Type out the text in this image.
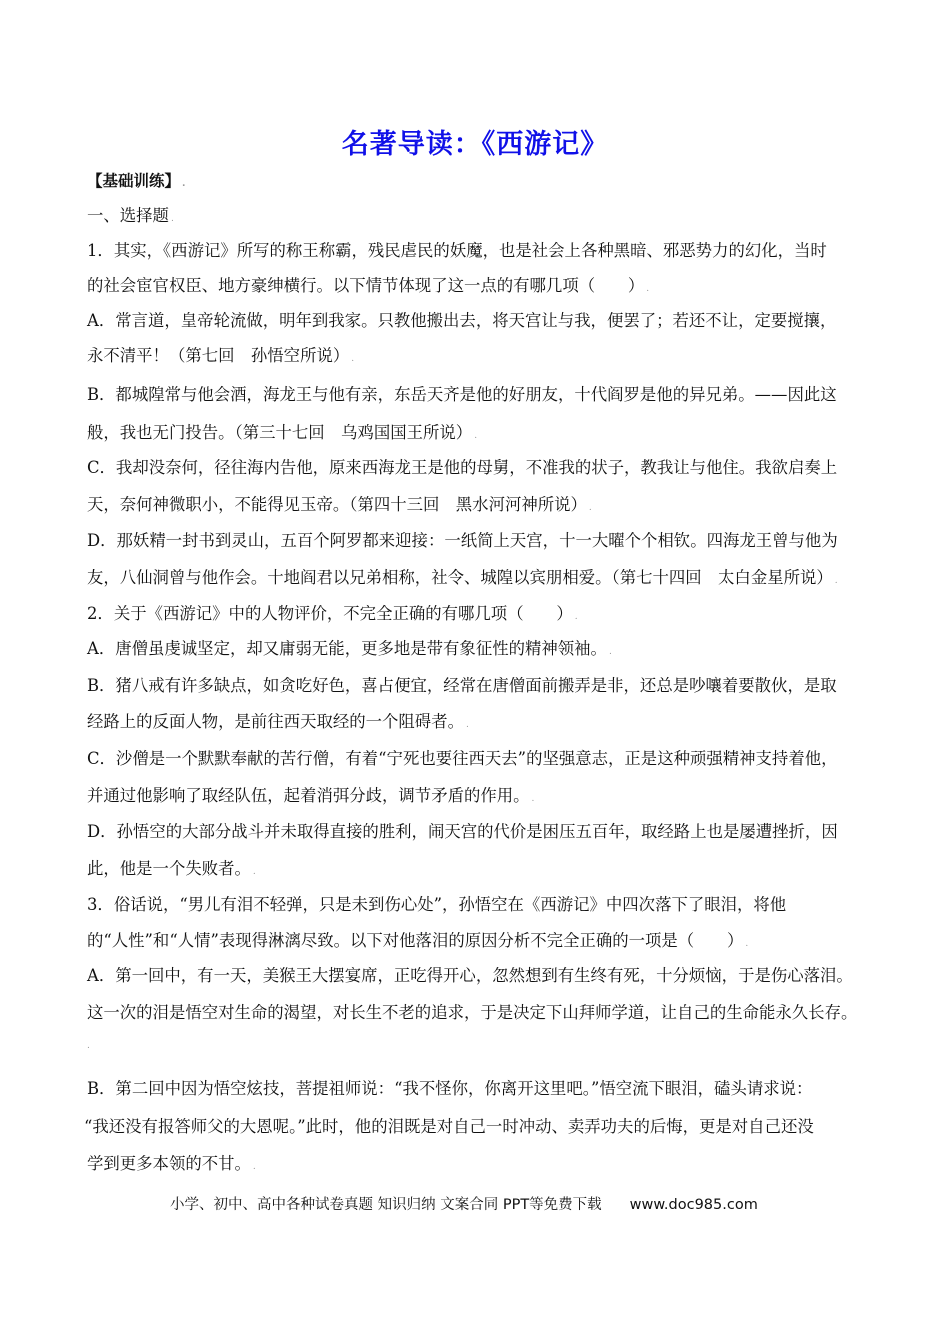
名著导读：《西游记》
【基础训练】 .
一、选择题 .
1．其实，《西游记》所写的称王称霸，残民虐民的妖魔，也是社会上各种黑暗、邪恶势力的幻化，当时
的社会宦官权臣、地方豪绅横行。以下情节体现了这一点的有哪几项（　　） .
A．常言道，皇帝轮流做，明年到我家。只教他搬出去，将天宫让与我，便罢了；若还不让，定要搅攘，
永不清平！（第七回　孙悟空所说） .
B．都城隍常与他会酒，海龙王与他有亲，东岳天齐是他的好朋友，十代阎罗是他的异兄弟。——因此这
般，我也无门投告。（第三十七回　乌鸡国国王所说） .
C．我却没奈何，径往海内告他，原来西海龙王是他的母舅，不准我的状子，教我让与他住。我欲启奏上
天，奈何神微职小，不能得见玉帝。（第四十三回　黑水河河神所说） .
D．那妖精一封书到灵山，五百个阿罗都来迎接：一纸简上天宫，十一大曜个个相钦。四海龙王曾与他为
友，八仙洞曾与他作会。十地阎君以兄弟相称，社令、城隍以宾朋相爱。（第七十四回　太白金星所说） .
2．关于《西游记》中的人物评价，不完全正确的有哪几项（　　） .
A．唐僧虽虔诚坚定，却又庸弱无能，更多地是带有象征性的精神领袖。 .
B．猪八戒有许多缺点，如贪吃好色，喜占便宜，经常在唐僧面前搬弄是非，还总是吵嚷着要散伙，是取
经路上的反面人物，是前往西天取经的一个阻碍者。 .
C．沙僧是一个默默奉献的苦行僧，有着“宁死也要往西天去”的坚强意志，正是这种顽强精神支持着他，
并通过他影响了取经队伍，起着消弭分歧，调节矛盾的作用。 .
D．孙悟空的大部分战斗并未取得直接的胜利，闹天宫的代价是困压五百年，取经路上也是屡遭挫折，因
此，他是一个失败者。 .
3．俗话说，“男儿有泪不轻弹，只是未到伤心处”，孙悟空在《西游记》中四次落下了眼泪，将他
的“人性”和“人情”表现得淋漓尽致。以下对他落泪的原因分析不完全正确的一项是（　　） .
A．第一回中，有一天，美猴王大摆宴席，正吃得开心，忽然想到有生终有死，十分烦恼，于是伤心落泪。
这一次的泪是悟空对生命的渴望，对长生不老的追求，于是决定下山拜师学道，让自己的生命能永久长存。
.
B．第二回中因为悟空炫技，菩提祖师说：“我不怪你，你离开这里吧。”悟空流下眼泪，磕头请求说：
“我还没有报答师父的大恩呢。”此时，他的泪既是对自己一时冲动、卖弄功夫的后悔，更是对自己还没
学到更多本领的不甘。 .
小学、初中、高中各种试卷真题 知识归纳 文案合同 PPT等免费下载 www.doc985.com
